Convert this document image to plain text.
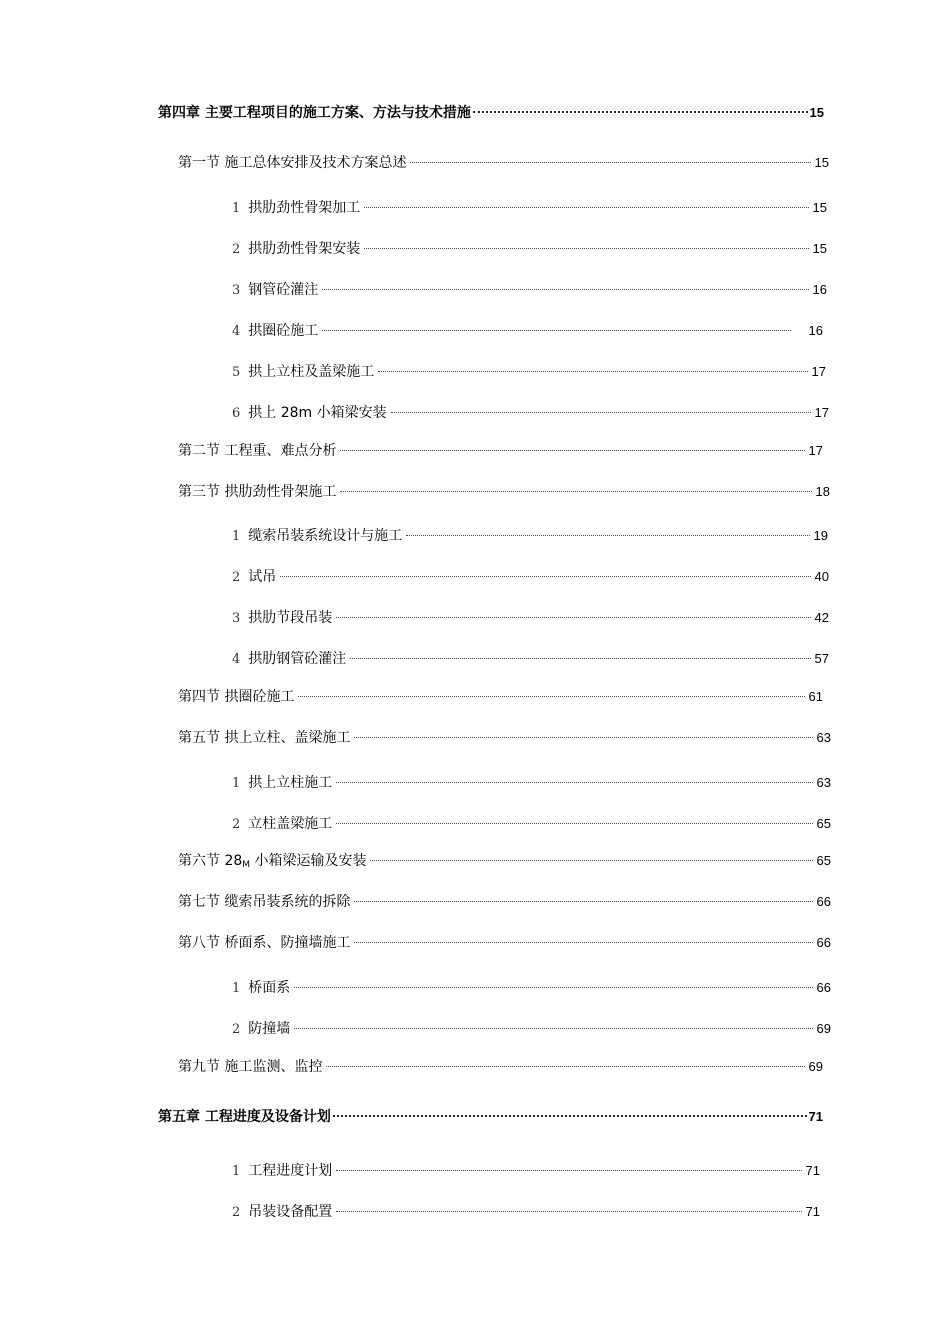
第四章 主要工程项目的施工方案、方法与技术措施	15
第一节 施工总体安排及技术方案总述	15
1 拱肋劲性骨架加工	15
2 拱肋劲性骨架安装	15
3 钢管砼灌注	16
4 拱圈砼施工	16
5 拱上立柱及盖梁施工	17
6 拱上 28m 小箱梁安装	17
第二节 工程重、难点分析	17
第三节 拱肋劲性骨架施工	18
1 缆索吊装系统设计与施工	19
2 试吊	40
3 拱肋节段吊装	42
4 拱肋钢管砼灌注	57
第四节 拱圈砼施工	61
第五节 拱上立柱、盖梁施工	63
1 拱上立柱施工	63
2 立柱盖梁施工	65
第六节 $28_M$ 小箱梁运输及安装	65
第七节 缆索吊装系统的拆除	66
第八节 桥面系、防撞墙施工	66
1 桥面系	66
2 防撞墙	69
第九节 施工监测、监控	69
第五章 工程进度及设备计划	71
1 工程进度计划	71
2 吊装设备配置	71
